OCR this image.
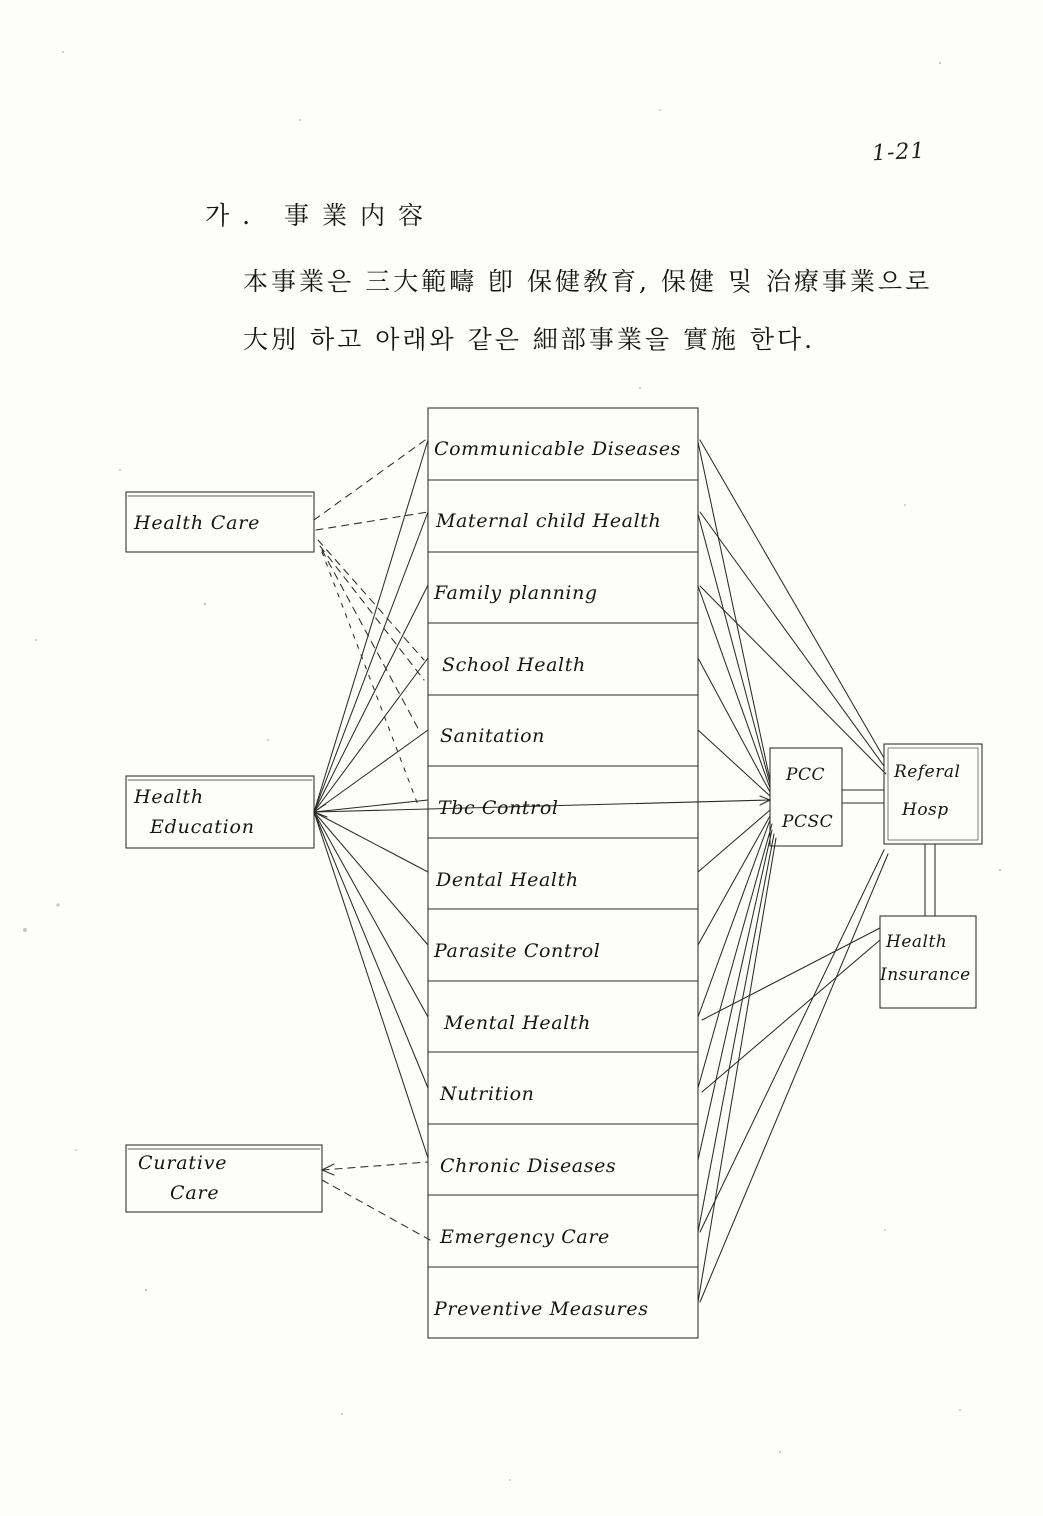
1-21
가. 事業内容
本事業은 三大範疇 卽 保健敎育, 保健 및 治療事業으로
大別 하고 아래와 같은 細部事業을 實施 한다.
Health Care
Health
Education
Curative
Care
Communicable Diseases
Maternal child Health
Family planning
School Health
Sanitation
Tbc Control
Dental Health
Parasite Control
Mental Health
Nutrition
Chronic Diseases
Emergency Care
Preventive Measures
PCC
PCSC
Referal
Hosp
Health
Insurance
